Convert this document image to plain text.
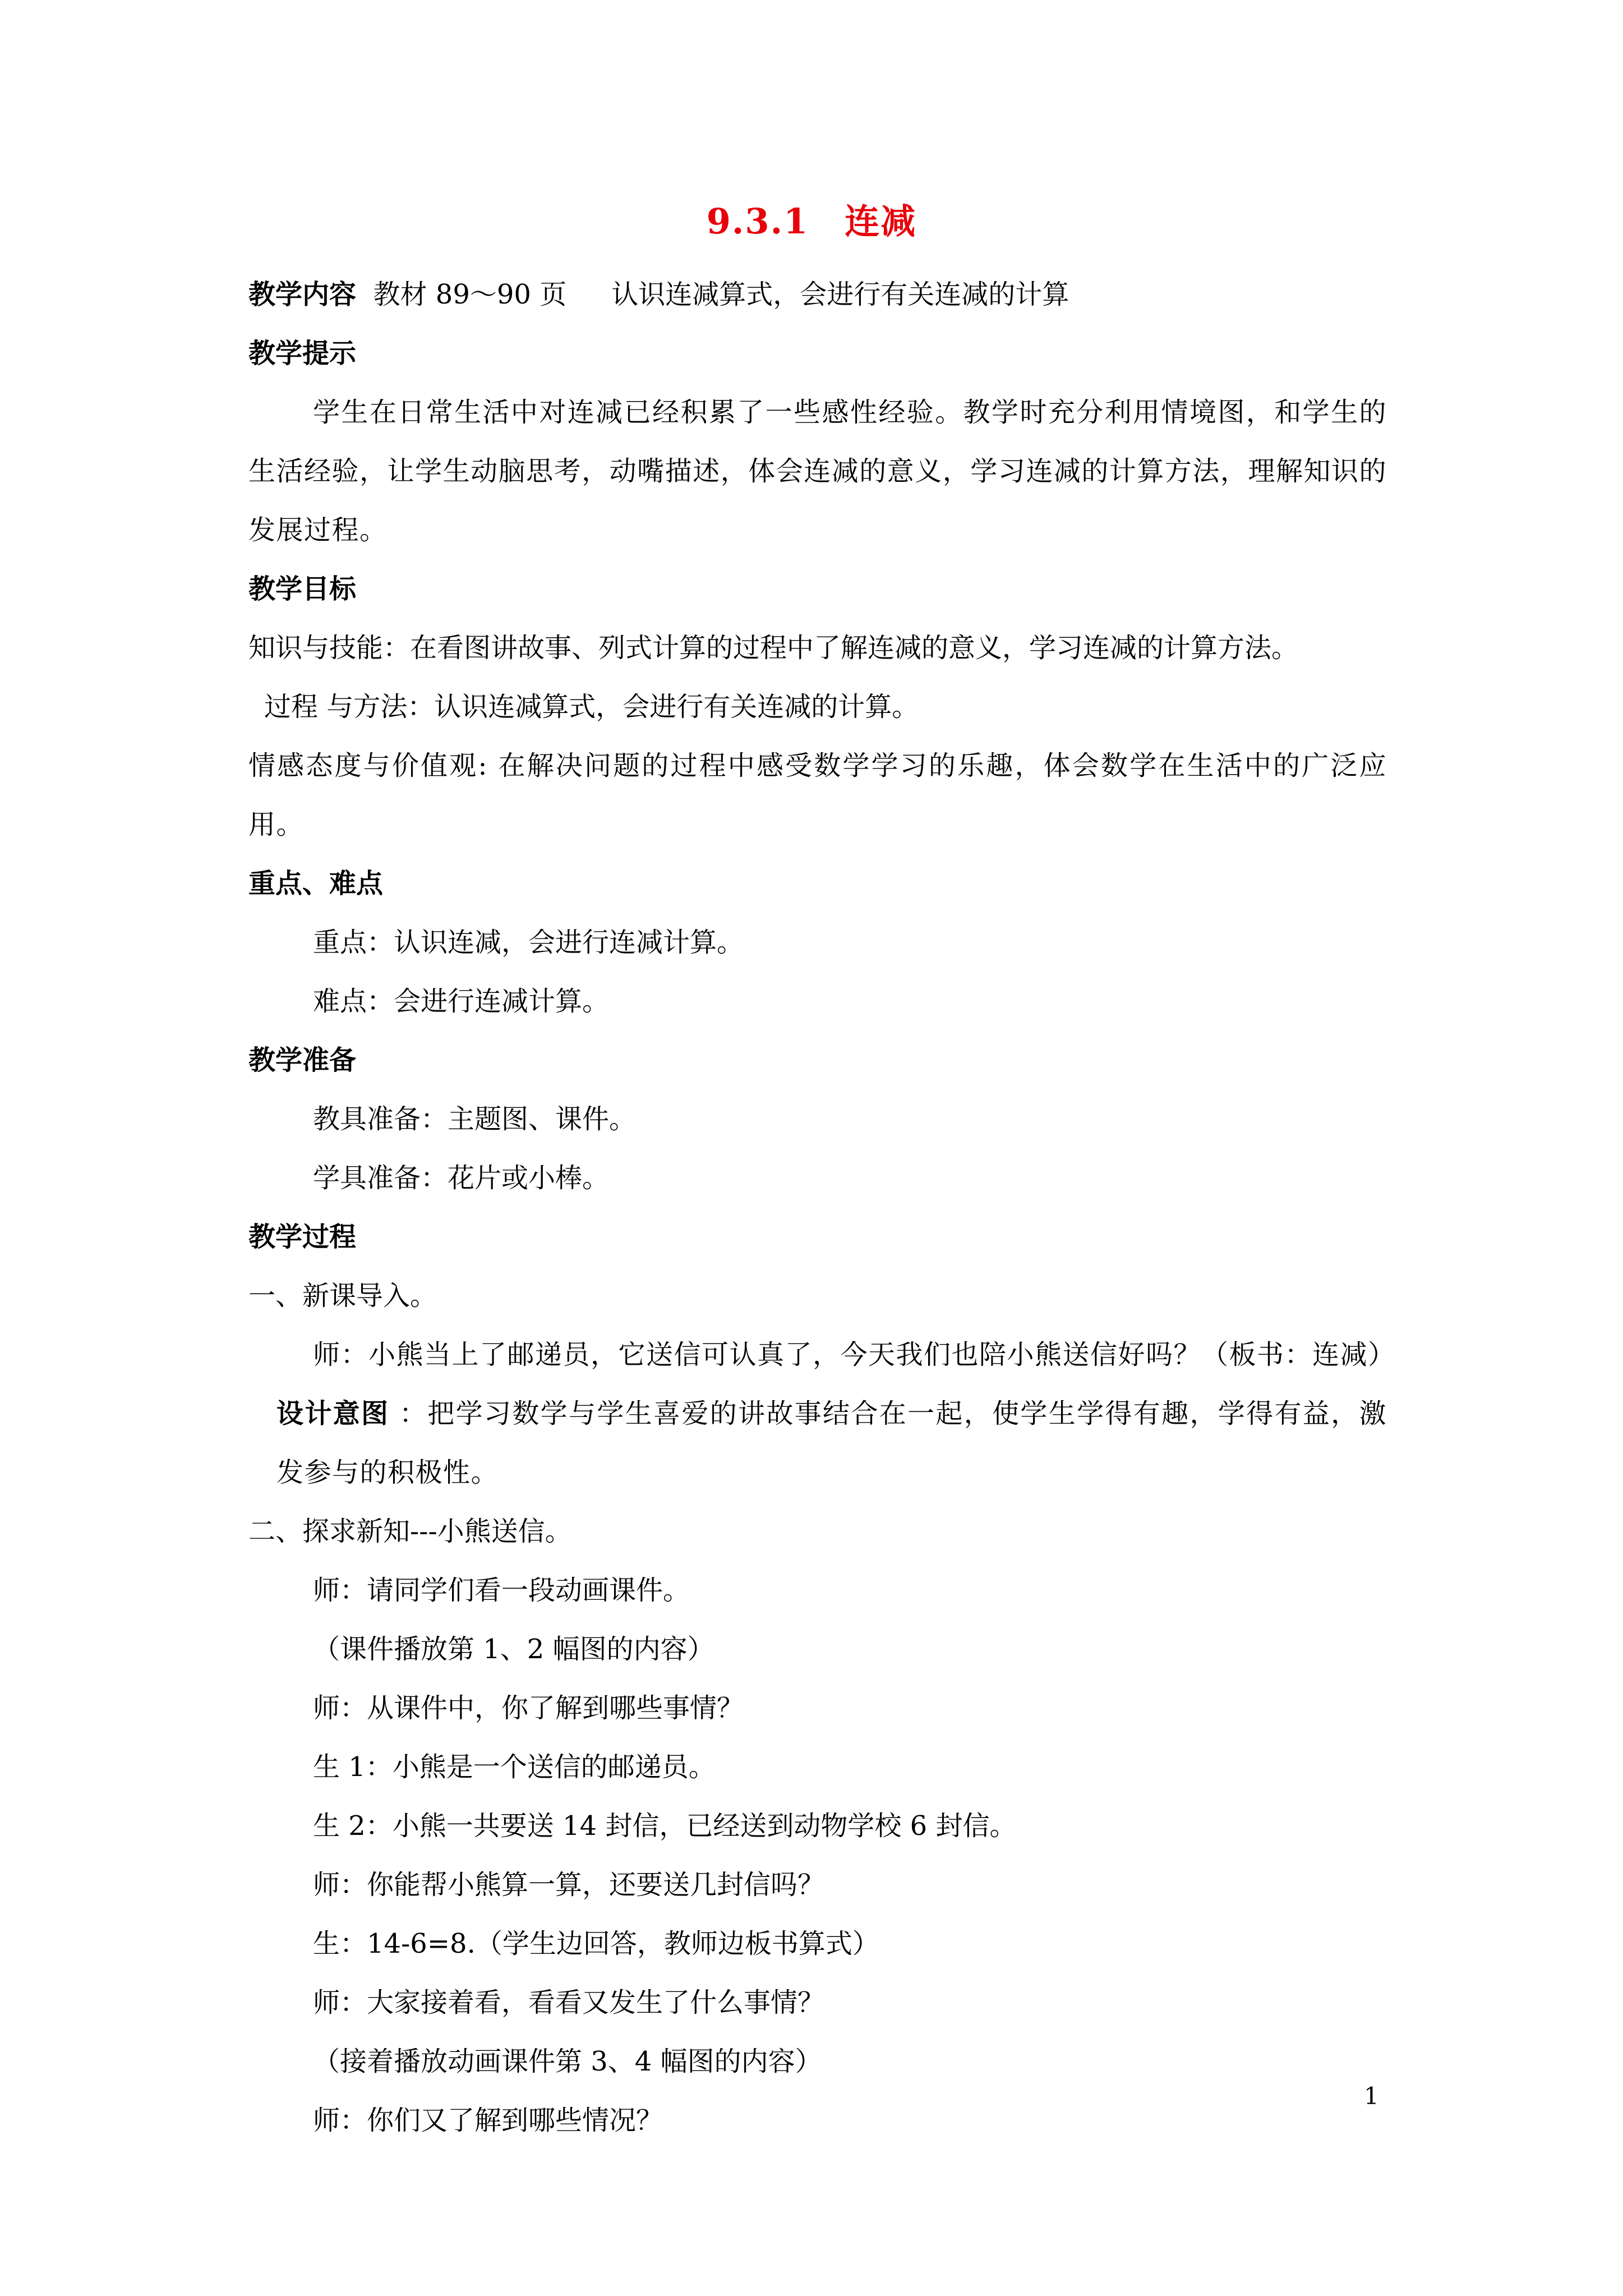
9.3.1　连减
教学内容 教材 89～90 页 认识连减算式，会进行有关连减的计算
教学提示
学生在日常生活中对连减已经积累了一些感性经验。教学时充分利用情境图，和学生的生活经验，让学生动脑思考，动嘴描述，体会连减的意义，学习连减的计算方法，理解知识的发展过程。
教学目标
知识与技能：在看图讲故事、列式计算的过程中了解连减的意义，学习连减的计算方法。
过程 与方法：认识连减算式，会进行有关连减的计算。
情感态度与价值观: 在解决问题的过程中感受数学学习的乐趣，体会数学在生活中的广泛应用。
重点、难点
重点：认识连减，会进行连减计算。
难点：会进行连减计算。
教学准备
教具准备：主题图、课件。
学具准备：花片或小棒。
教学过程
一、新课导入。
师：小熊当上了邮递员，它送信可认真了，今天我们也陪小熊送信好吗？（板书：连减）
设计意图 ：把学习数学与学生喜爱的讲故事结合在一起，使学生学得有趣，学得有益，激发参与的积极性。
二、探求新知---小熊送信。
师：请同学们看一段动画课件。
（课件播放第 1、2 幅图的内容）
师：从课件中，你了解到哪些事情？
生 1：小熊是一个送信的邮递员。
生 2：小熊一共要送 14 封信，已经送到动物学校 6 封信。
师：你能帮小熊算一算，还要送几封信吗？
生：14-6=8.（学生边回答，教师边板书算式）
师：大家接着看，看看又发生了什么事情？
（接着播放动画课件第 3、4 幅图的内容）
师：你们又了解到哪些情况？
1
